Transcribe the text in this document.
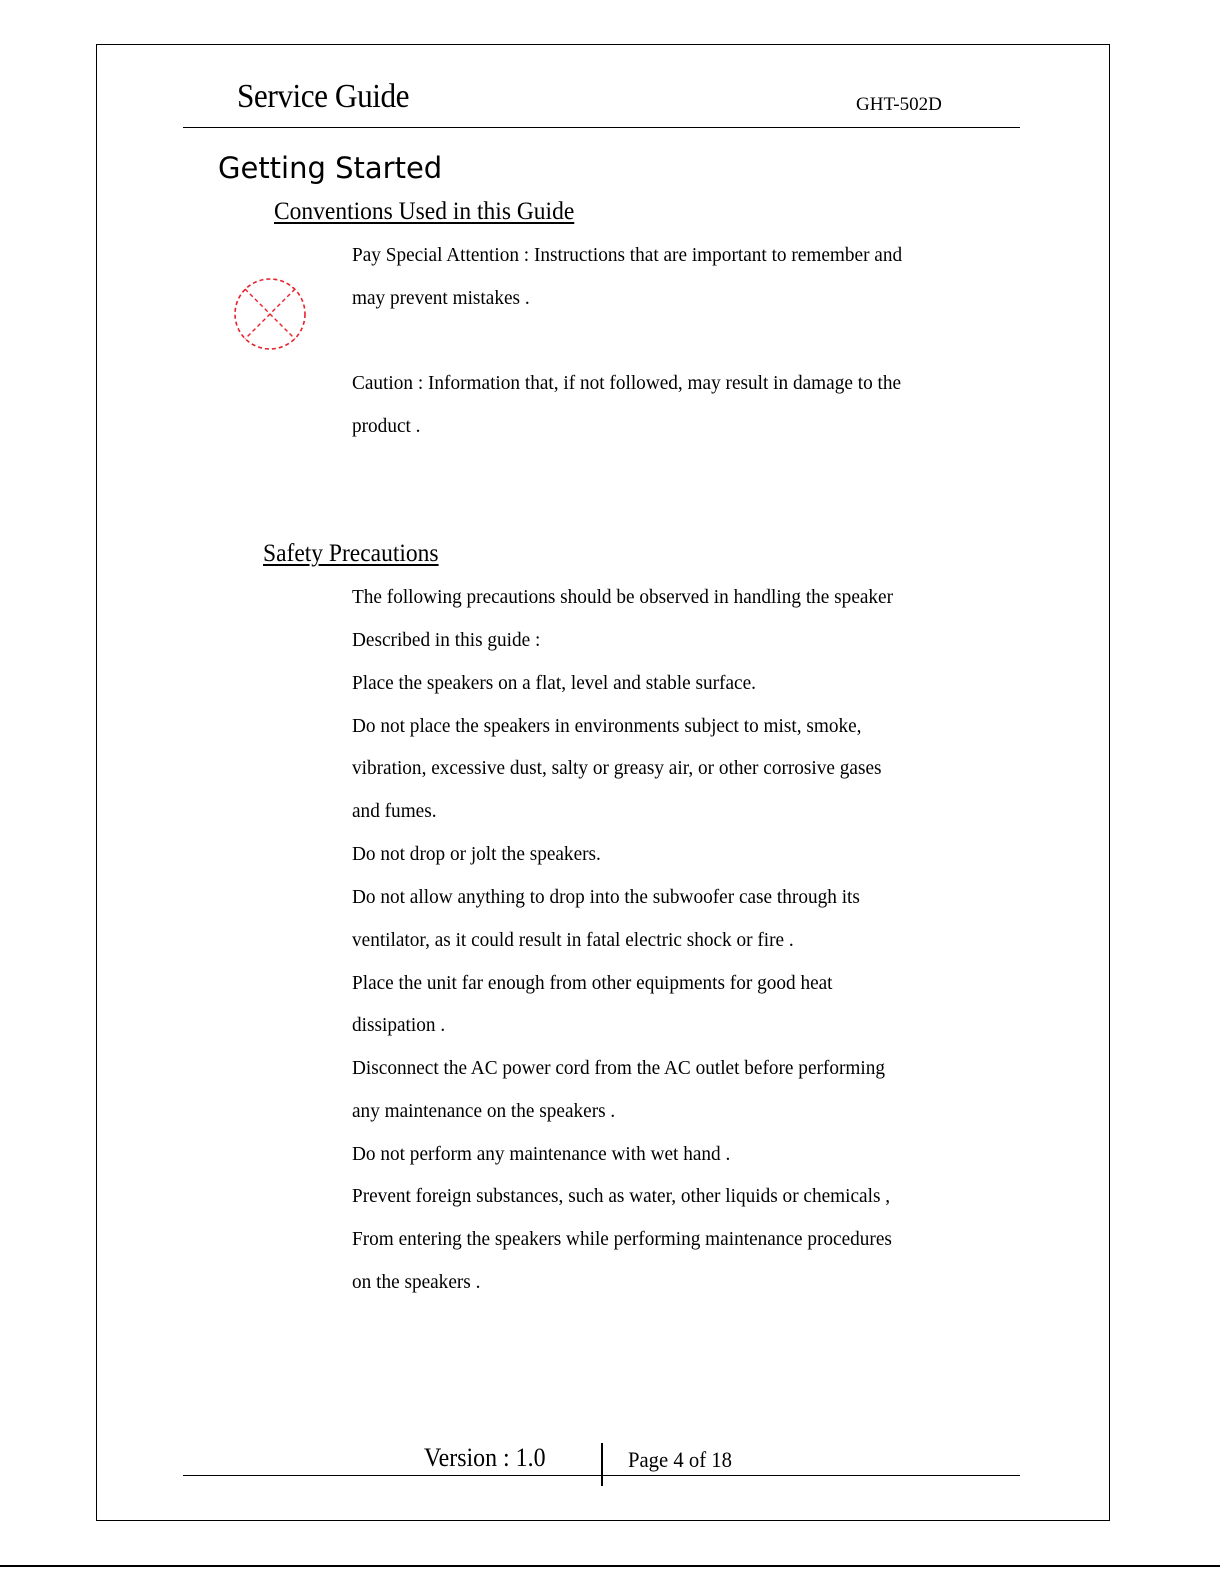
Service Guide	GHT-502D
Getting Started
Conventions Used in this Guide
Pay Special Attention : Instructions that are important to remember and
may prevent mistakes .
Caution : Information that, if not followed, may result in damage to the
product .
Safety Precautions
The following precautions should be observed in handling the speaker
Described in this guide :
Place the speakers on a flat, level and stable surface.
Do not place the speakers in environments subject to mist, smoke,
vibration, excessive dust, salty or greasy air, or other corrosive gases
and fumes.
Do not drop or jolt the speakers.
Do not allow anything to drop into the subwoofer case through its
ventilator, as it could result in fatal electric shock or fire .
Place the unit far enough from other equipments for good heat
dissipation .
Disconnect the AC power cord from the AC outlet before performing
any maintenance on the speakers .
Do not perform any maintenance with wet hand .
Prevent foreign substances, such as water, other liquids or chemicals ,
From entering the speakers while performing maintenance procedures
on the speakers .
Version : 1.0	Page 4 of 18
